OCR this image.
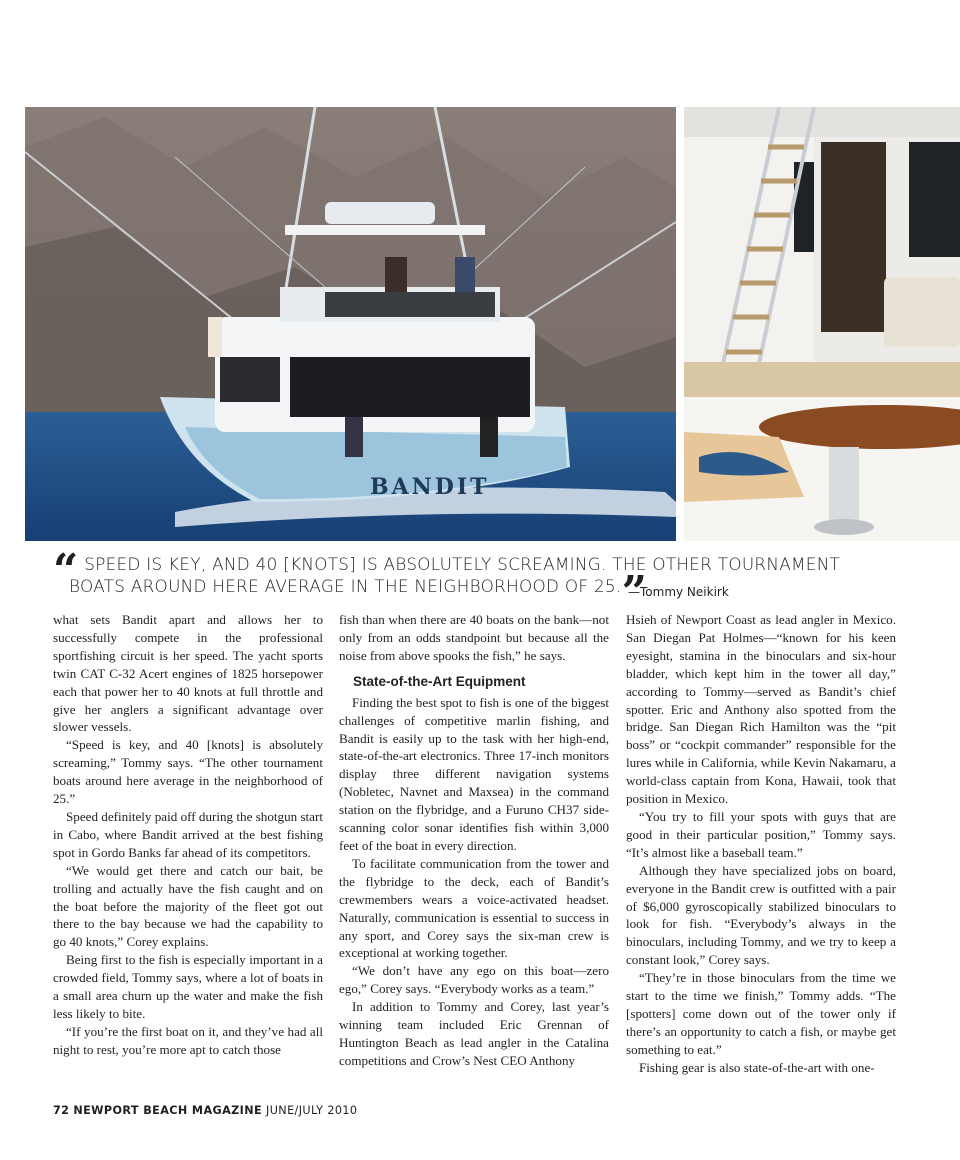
BANDIT
“ SPEED IS KEY, AND 40 [KNOTS] IS ABSOLUTELY SCREAMING. THE OTHER TOURNAMENT
BOATS AROUND HERE AVERAGE IN THE NEIGHBORHOOD OF 25.”
—Tommy Neikirk

what sets Bandit apart and allows her to successfully compete in the professional sportfishing circuit is her speed. The yacht sports twin CAT C-32 Acert engines of 1825 horsepower each that power her to 40 knots at full throttle and give her anglers a significant advantage over slower vessels.

“Speed is key, and 40 [knots] is absolutely screaming,” Tommy says. “The other tournament boats around here average in the neighborhood of 25.”

Speed definitely paid off during the shotgun start in Cabo, where Bandit arrived at the best fishing spot in Gordo Banks far ahead of its competitors.

“We would get there and catch our bait, be trolling and actually have the fish caught and on the boat before the majority of the fleet got out there to the bay because we had the capability to go 40 knots,” Corey explains.

Being first to the fish is especially important in a crowded field, Tommy says, where a lot of boats in a small area churn up the water and make the fish less likely to bite.

“If you’re the first boat on it, and they’ve had all night to rest, you’re more apt to catch those

fish than when there are 40 boats on the bank—not only from an odds standpoint but because all the noise from above spooks the fish,” he says.

State-of-the-Art Equipment

Finding the best spot to fish is one of the biggest challenges of competitive marlin fishing, and Bandit is easily up to the task with her high-end, state-of-the-art electronics. Three 17-inch monitors display three different navigation systems (Nobletec, Navnet and Maxsea) in the command station on the flybridge, and a Furuno CH37 side-scanning color sonar identifies fish within 3,000 feet of the boat in every direction.

To facilitate communication from the tower and the flybridge to the deck, each of Bandit’s crewmembers wears a voice-activated headset. Naturally, communication is essential to success in any sport, and Corey says the six-man crew is exceptional at working together.

“We don’t have any ego on this boat—zero ego,” Corey says. “Everybody works as a team.”

In addition to Tommy and Corey, last year’s winning team included Eric Grennan of Huntington Beach as lead angler in the Catalina competitions and Crow’s Nest CEO Anthony

Hsieh of Newport Coast as lead angler in Mexico. San Diegan Pat Holmes—“known for his keen eyesight, stamina in the binoculars and six-hour bladder, which kept him in the tower all day,” according to Tommy—served as Bandit’s chief spotter. Eric and Anthony also spotted from the bridge. San Diegan Rich Hamilton was the “pit boss” or “cockpit commander” responsible for the lures while in California, while Kevin Nakamaru, a world-class captain from Kona, Hawaii, took that position in Mexico.

“You try to fill your spots with guys that are good in their particular position,” Tommy says. “It’s almost like a baseball team.”

Although they have specialized jobs on board, everyone in the Bandit crew is outfitted with a pair of $6,000 gyroscopically stabilized binoculars to look for fish. “Everybody’s always in the binoculars, including Tommy, and we try to keep a constant look,” Corey says.

“They’re in those binoculars from the time we start to the time we finish,” Tommy adds. “The [spotters] come down out of the tower only if there’s an opportunity to catch a fish, or maybe get something to eat.”

Fishing gear is also state-of-the-art with one-

72 NEWPORT BEACH MAGAZINE JUNE/JULY 2010
